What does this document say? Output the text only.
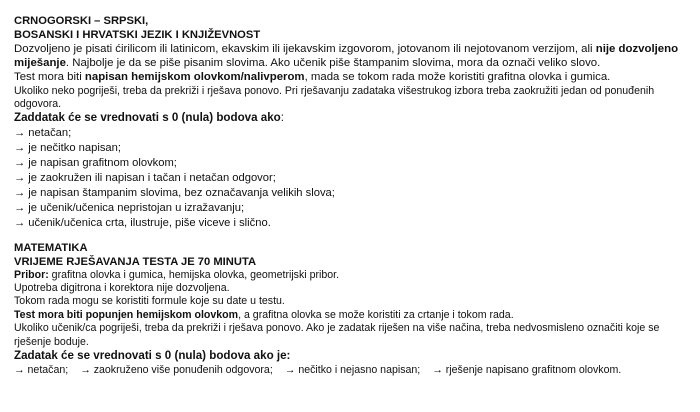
CRNOGORSKI – SRPSKI,

BOSANSKI I HRVATSKI JEZIK I KNJIŽEVNOST

Dozvoljeno je pisati ćirilicom ili latinicom, ekavskim ili ijekavskim izgovorom, jotovanom ili nejotovanom verzijom, ali nije dozvoljeno miješanje. Najbolje je da se piše pisanim slovima. Ako učenik piše štampanim slovima, mora da označi veliko slovo.

Test mora biti napisan hemijskom olovkom/nalivperom, mada se tokom rada može koristiti grafitna olovka i gumica.

Ukoliko neko pogriješi, treba da prekriži i rješava ponovo. Pri rješavanju zadataka višestrukog izbora treba zaokružiti jedan od ponuđenih odgovora.

Zaddatak će se vrednovati s 0 (nula) bodova ako:

→ netačan;

→ je nečitko napisan;

→ je napisan grafitnom olovkom;

→ je zaokružen ili napisan i tačan i netačan odgovor;

→ je napisan štampanim slovima, bez označavanja velikih slova;

→ je učenik/učenica nepristojan u izražavanju;

→ učenik/učenica crta, ilustruje, piše viceve i slično.

MATEMATIKA

VRIJEME RJEŠAVANJA TESTA JE 70 MINUTA

Pribor: grafitna olovka i gumica, hemijska olovka, geometrijski pribor.

Upotreba digitrona i korektora nije dozvoljena.

Tokom rada mogu se koristiti formule koje su date u testu.

Test mora biti popunjen hemijskom olovkom, a grafitna olovka se može koristiti za crtanje i tokom rada.

Ukoliko učenik/ca pogriješi, treba da prekriži i rješava ponovo. Ako je zadatak riješen na više načina, treba nedvosmisleno označiti koje se rješenje boduje.

Zadatak će se vrednovati s 0 (nula) bodova ako je:

→ netačan; → zaokruženo više ponuđenih odgovora; → nečitko i nejasno napisan; → rješenje napisano grafitnom olovkom.
